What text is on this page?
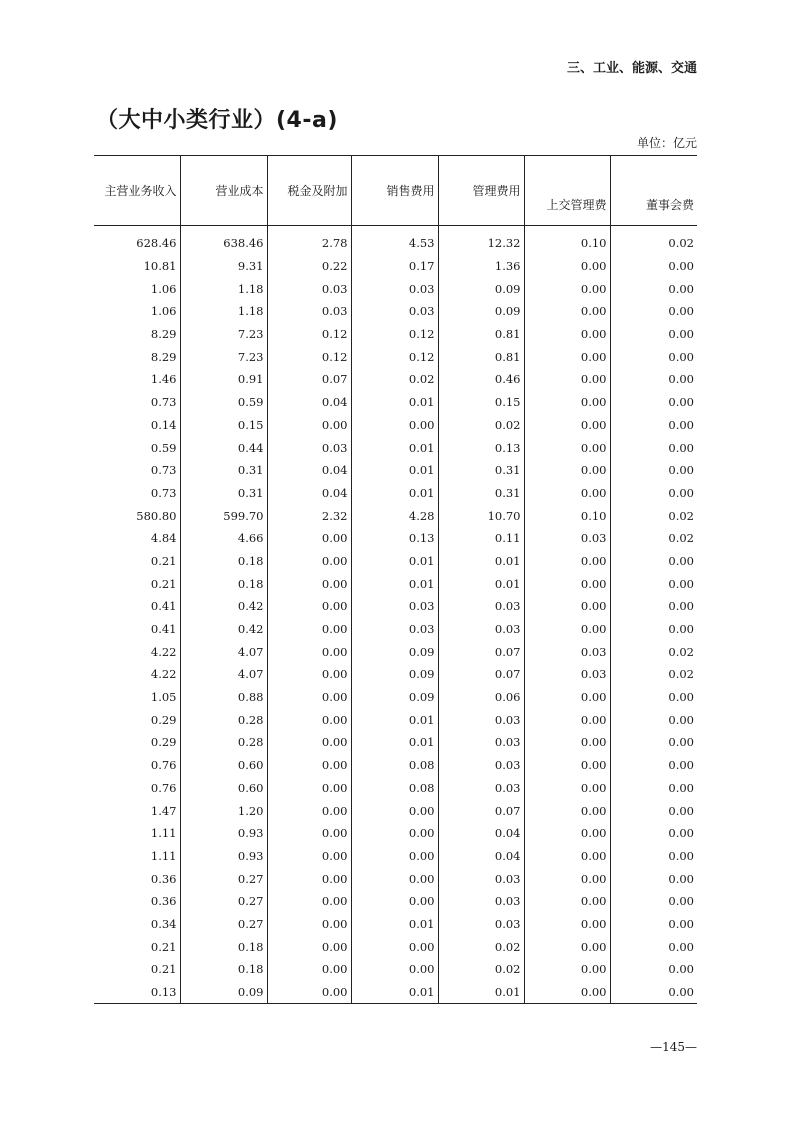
三、工业、能源、交通
（大中小类行业）(4-a)
单位：亿元
主营业务收入	营业成本	税金及附加	销售费用	管理费用	上交管理费	董事会费
628.46	638.46	2.78	4.53	12.32	0.10	0.02
10.81	9.31	0.22	0.17	1.36	0.00	0.00
1.06	1.18	0.03	0.03	0.09	0.00	0.00
1.06	1.18	0.03	0.03	0.09	0.00	0.00
8.29	7.23	0.12	0.12	0.81	0.00	0.00
8.29	7.23	0.12	0.12	0.81	0.00	0.00
1.46	0.91	0.07	0.02	0.46	0.00	0.00
0.73	0.59	0.04	0.01	0.15	0.00	0.00
0.14	0.15	0.00	0.00	0.02	0.00	0.00
0.59	0.44	0.03	0.01	0.13	0.00	0.00
0.73	0.31	0.04	0.01	0.31	0.00	0.00
0.73	0.31	0.04	0.01	0.31	0.00	0.00
580.80	599.70	2.32	4.28	10.70	0.10	0.02
4.84	4.66	0.00	0.13	0.11	0.03	0.02
0.21	0.18	0.00	0.01	0.01	0.00	0.00
0.21	0.18	0.00	0.01	0.01	0.00	0.00
0.41	0.42	0.00	0.03	0.03	0.00	0.00
0.41	0.42	0.00	0.03	0.03	0.00	0.00
4.22	4.07	0.00	0.09	0.07	0.03	0.02
4.22	4.07	0.00	0.09	0.07	0.03	0.02
1.05	0.88	0.00	0.09	0.06	0.00	0.00
0.29	0.28	0.00	0.01	0.03	0.00	0.00
0.29	0.28	0.00	0.01	0.03	0.00	0.00
0.76	0.60	0.00	0.08	0.03	0.00	0.00
0.76	0.60	0.00	0.08	0.03	0.00	0.00
1.47	1.20	0.00	0.00	0.07	0.00	0.00
1.11	0.93	0.00	0.00	0.04	0.00	0.00
1.11	0.93	0.00	0.00	0.04	0.00	0.00
0.36	0.27	0.00	0.00	0.03	0.00	0.00
0.36	0.27	0.00	0.00	0.03	0.00	0.00
0.34	0.27	0.00	0.01	0.03	0.00	0.00
0.21	0.18	0.00	0.00	0.02	0.00	0.00
0.21	0.18	0.00	0.00	0.02	0.00	0.00
0.13	0.09	0.00	0.01	0.01	0.00	0.00
—145—
